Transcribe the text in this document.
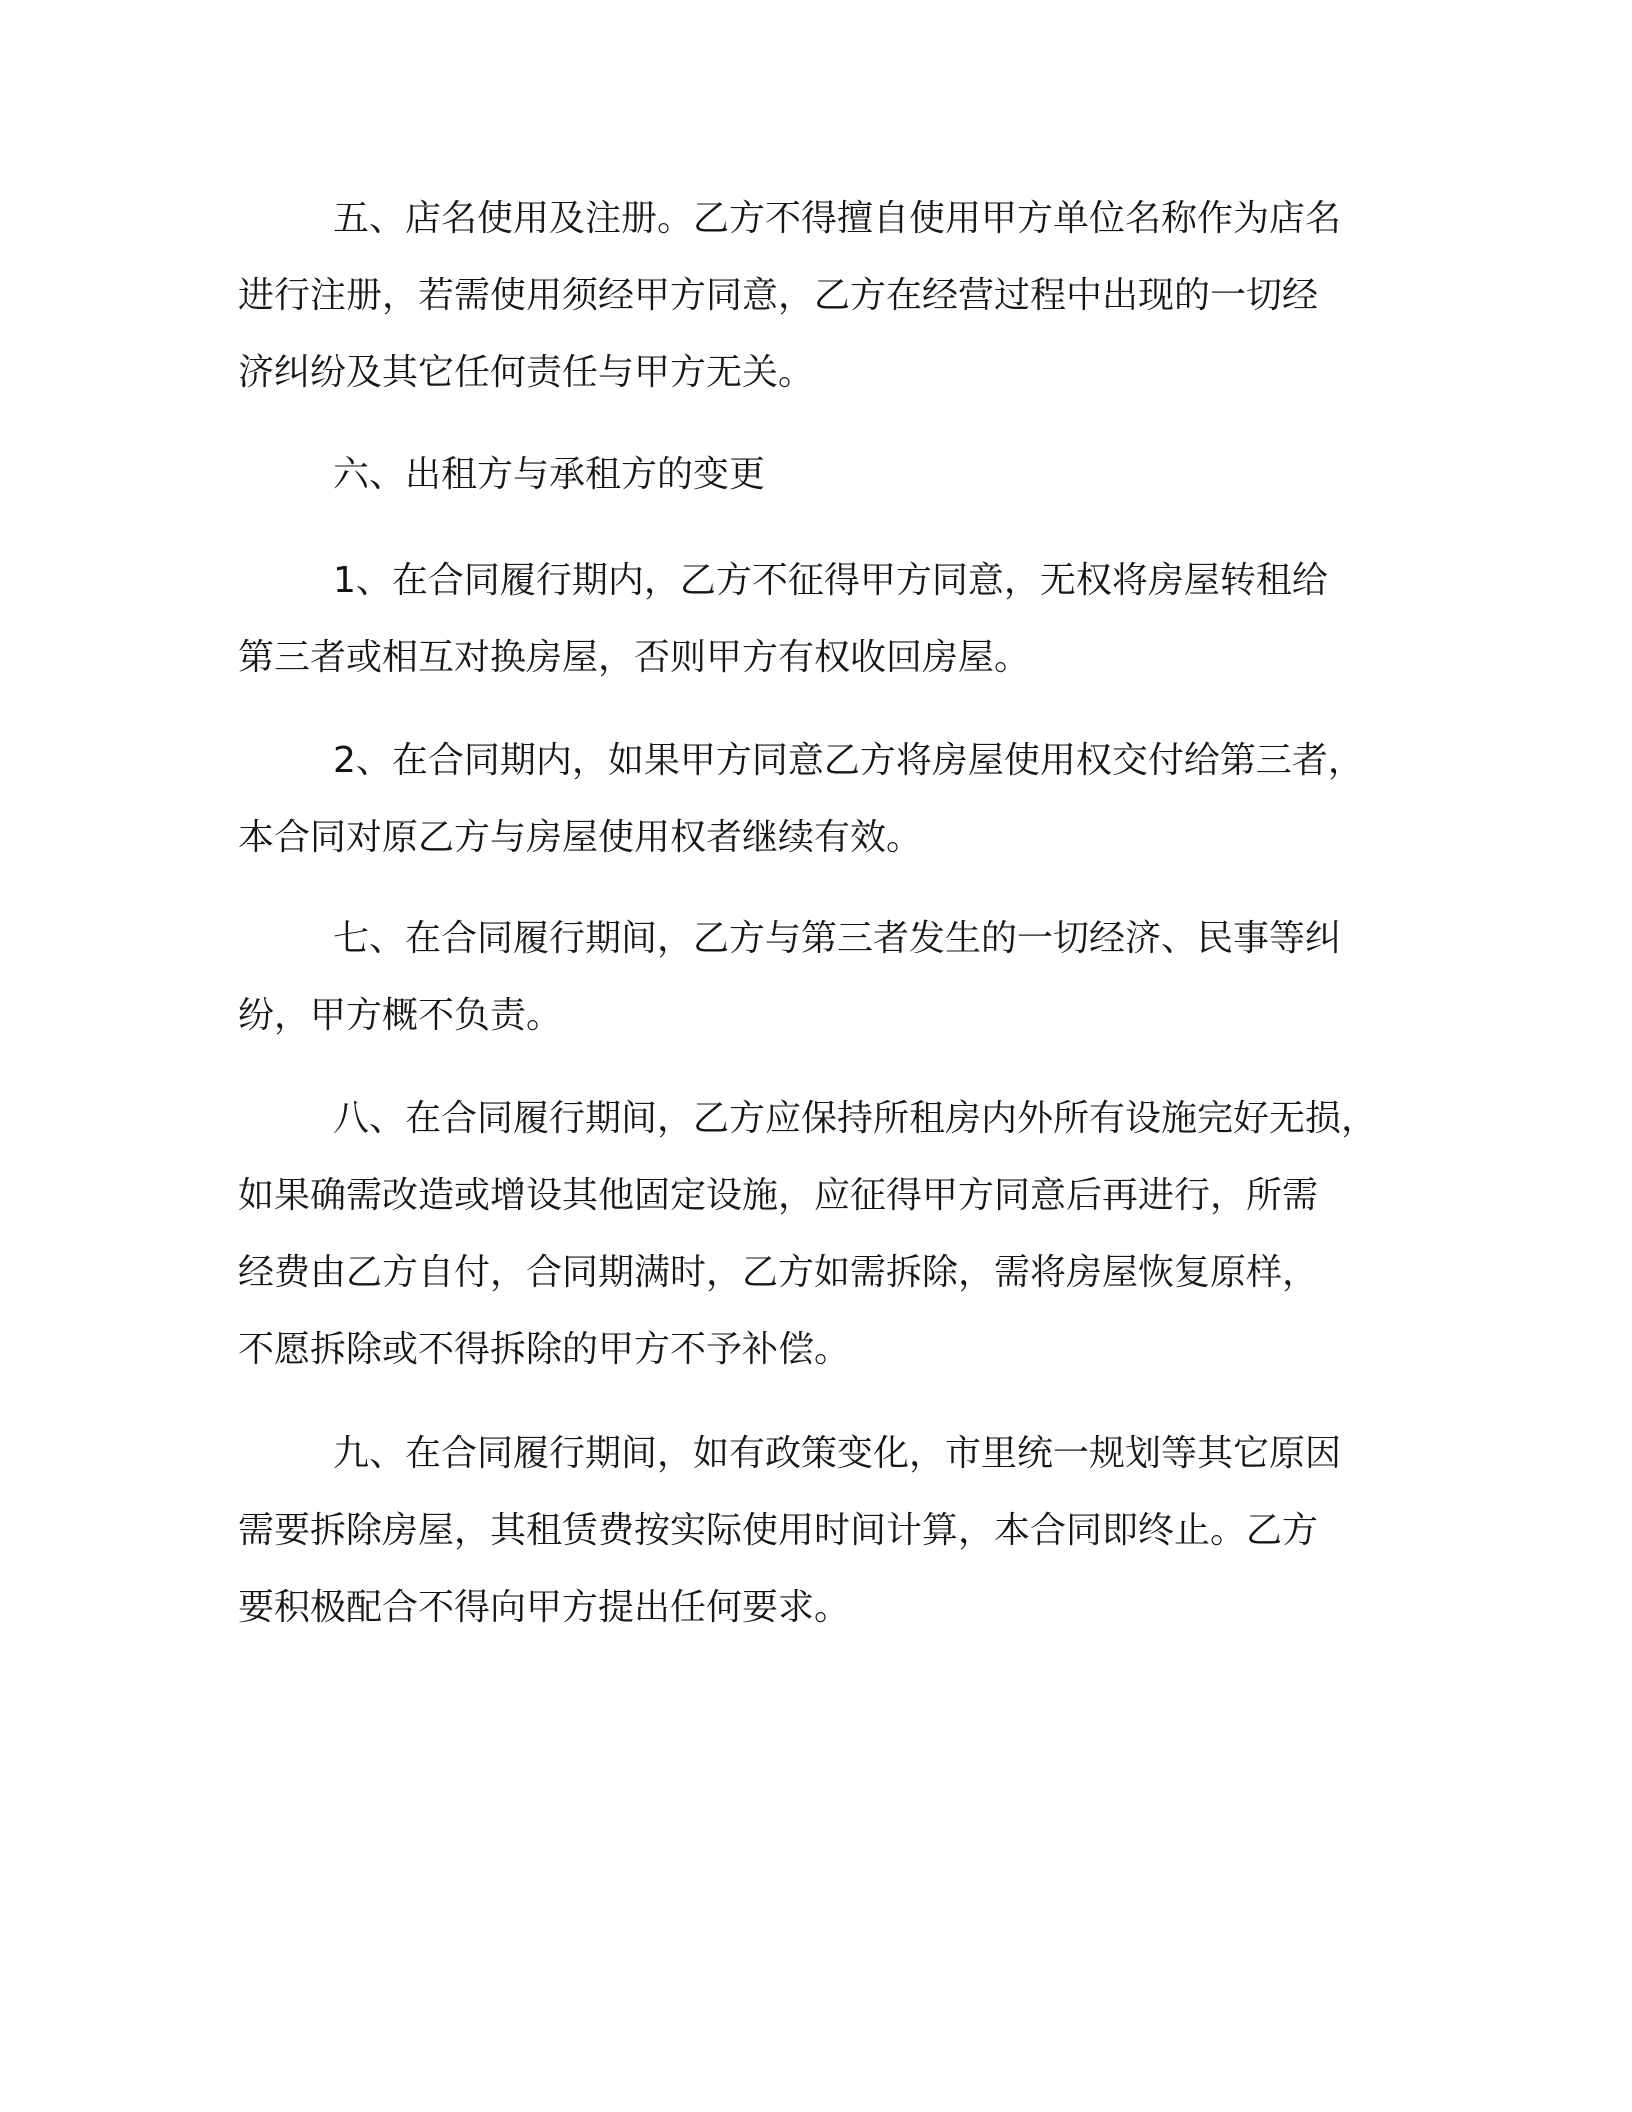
五、店名使用及注册。乙方不得擅自使用甲方单位名称作为店名
进行注册，若需使用须经甲方同意，乙方在经营过程中出现的一切经
济纠纷及其它任何责任与甲方无关。
六、出租方与承租方的变更
1、在合同履行期内，乙方不征得甲方同意，无权将房屋转租给
第三者或相互对换房屋，否则甲方有权收回房屋。
2、在合同期内，如果甲方同意乙方将房屋使用权交付给第三者，
本合同对原乙方与房屋使用权者继续有效。
七、在合同履行期间，乙方与第三者发生的一切经济、民事等纠
纷，甲方概不负责。
八、在合同履行期间，乙方应保持所租房内外所有设施完好无损，
如果确需改造或增设其他固定设施，应征得甲方同意后再进行，所需
经费由乙方自付，合同期满时，乙方如需拆除，需将房屋恢复原样，
不愿拆除或不得拆除的甲方不予补偿。
九、在合同履行期间，如有政策变化，市里统一规划等其它原因
需要拆除房屋，其租赁费按实际使用时间计算，本合同即终止。乙方
要积极配合不得向甲方提出任何要求。
